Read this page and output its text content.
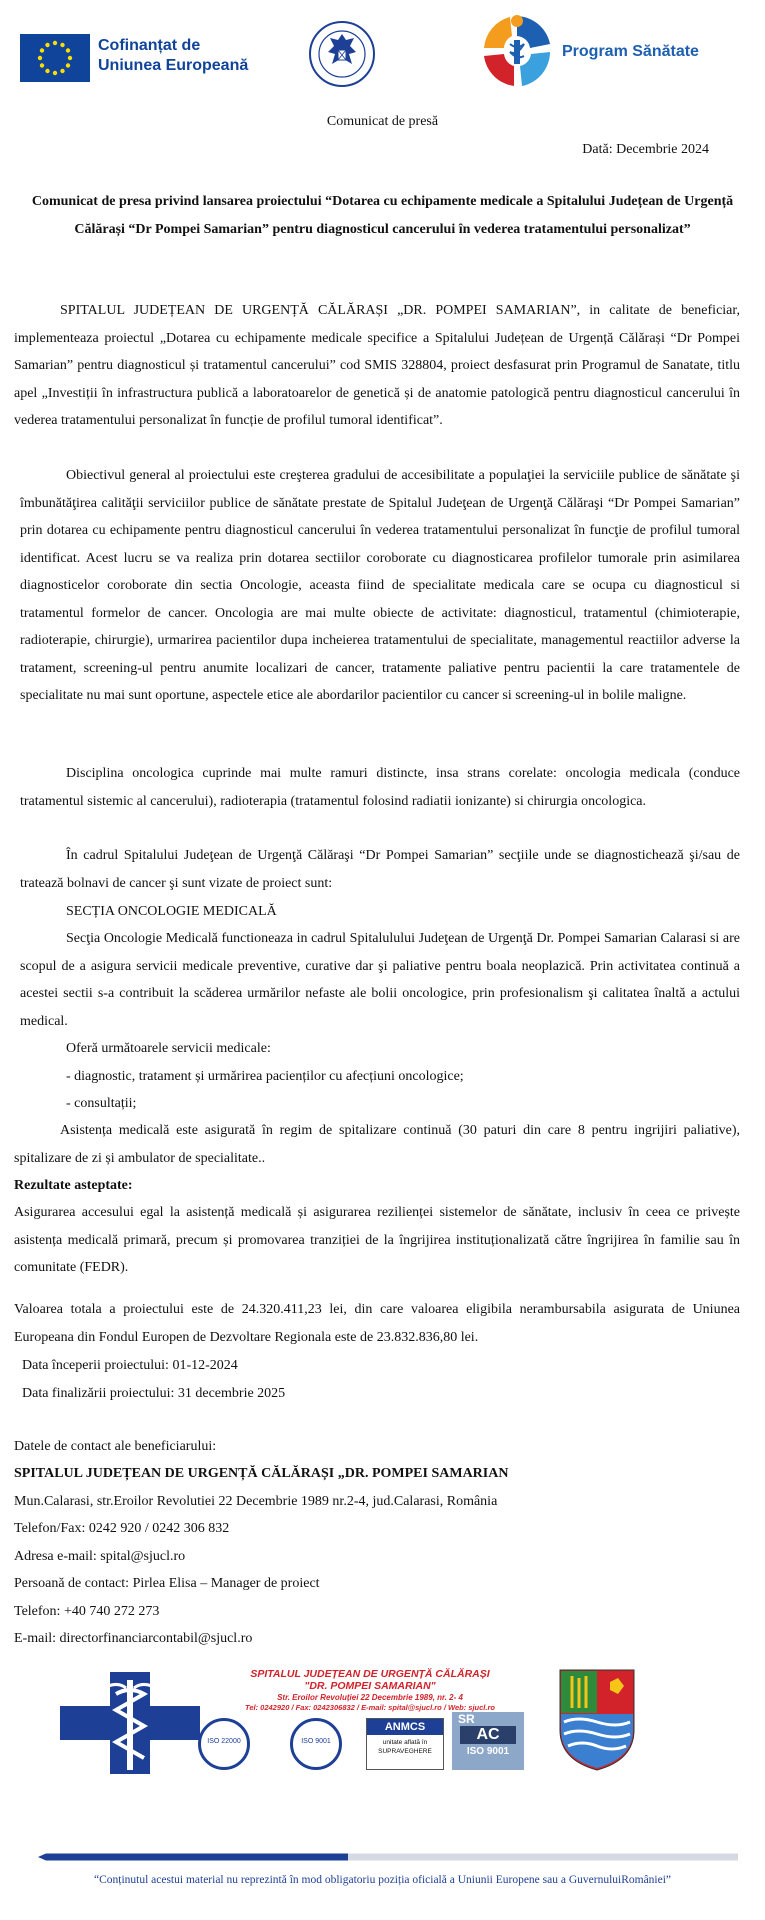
Cofinanțat de
Uniunea Europeană
Program Sănătate
Comunicat de presă
Dată: Decembrie 2024

Comunicat de presa privind lansarea proiectului “Dotarea cu echipamente medicale a Spitalului Județean de Urgență Călărași “Dr Pompei Samarian” pentru diagnosticul cancerului în vederea tratamentului personalizat”

SPITALUL JUDEȚEAN DE URGENȚĂ CĂLĂRAȘI „DR. POMPEI SAMARIAN”, in calitate de beneficiar, implementeaza proiectul „Dotarea cu echipamente medicale specifice a Spitalului Județean de Urgență Călărași “Dr Pompei Samarian” pentru diagnosticul și tratamentul cancerului” cod SMIS 328804, proiect desfasurat prin Programul de Sanatate, titlu apel „Investiții în infrastructura publică a laboratoarelor de genetică și de anatomie patologică pentru diagnosticul cancerului în vederea tratamentului personalizat în funcție de profilul tumoral identificat”.

Obiectivul general al proiectului este creşterea gradului de accesibilitate a populaţiei la serviciile publice de sănătate şi îmbunătăţirea calităţii serviciilor publice de sănătate prestate de Spitalul Judeţean de Urgenţă Călăraşi “Dr Pompei Samarian” prin dotarea cu echipamente pentru diagnosticul cancerului în vederea tratamentului personalizat în funcţie de profilul tumoral identificat. Acest lucru se va realiza prin dotarea sectiilor coroborate cu diagnosticarea profilelor tumorale prin asimilarea diagnosticelor coroborate din sectia Oncologie, aceasta fiind de specialitate medicala care se ocupa cu diagnosticul si tratamentul formelor de cancer. Oncologia are mai multe obiecte de activitate: diagnosticul, tratamentul (chimioterapie, radioterapie, chirurgie), urmarirea pacientilor dupa incheierea tratamentului de specialitate, managementul reactiilor adverse la tratament, screening-ul pentru anumite localizari de cancer, tratamente paliative pentru pacientii la care tratamentele de specialitate nu mai sunt oportune, aspectele etice ale abordarilor pacientilor cu cancer si screening-ul in bolile maligne.

Disciplina oncologica cuprinde mai multe ramuri distincte, insa strans corelate: oncologia medicala (conduce tratamentul sistemic al cancerului), radioterapia (tratamentul folosind radiatii ionizante) si chirurgia oncologica.

În cadrul Spitalului Judeţean de Urgenţă Călăraşi “Dr Pompei Samarian” secţiile unde se diagnostichează şi/sau de tratează bolnavi de cancer şi sunt vizate de proiect sunt:

SECȚIA ONCOLOGIE MEDICALĂ

Secţia Oncologie Medicală functioneaza in cadrul Spitalulului Judeţean de Urgenţă Dr. Pompei Samarian Calarasi si are scopul de a asigura servicii medicale preventive, curative dar şi paliative pentru boala neoplazică. Prin activitatea continuă a acestei sectii s-a contribuit la scăderea urmărilor nefaste ale bolii oncologice, prin profesionalism şi calitatea înaltă a actului medical.

Oferă următoarele servicii medicale:
- diagnostic, tratament și urmărirea pacienților cu afecțiuni oncologice;
- consultații;

Asistența medicală este asigurată în regim de spitalizare continuă (30 paturi din care 8 pentru ingrijiri paliative), spitalizare de zi și ambulator de specialitate..

Rezultate asteptate:

Asigurarea accesului egal la asistență medicală și asigurarea rezilienței sistemelor de sănătate, inclusiv în ceea ce privește asistența medicală primară, precum și promovarea tranziției de la îngrijirea instituționalizată către îngrijirea în familie sau în comunitate (FEDR).

Valoarea totala a proiectului este de 24.320.411,23 lei, din care valoarea eligibila nerambursabila asigurata de Uniunea Europeana din Fondul Europen de Dezvoltare Regionala este de 23.832.836,80 lei.

Data începerii proiectului: 01-12-2024
Data finalizării proiectului: 31 decembrie 2025
Datele de contact ale beneficiarului:
SPITALUL JUDEȚEAN DE URGENȚĂ CĂLĂRAȘI „DR. POMPEI SAMARIAN
Mun.Calarasi, str.Eroilor Revolutiei 22 Decembrie 1989 nr.2-4, jud.Calarasi, România
Telefon/Fax: 0242 920 / 0242 306 832
Adresa e-mail: spital@sjucl.ro
Persoană de contact: Pirlea Elisa – Manager de proiect
Telefon: +40 740 272 273
E-mail: directorfinanciarcontabil@sjucl.ro
SPITALUL JUDEȚEAN DE URGENȚĂ CĂLĂRAȘI
"DR. POMPEI SAMARIAN"
Str. Eroilor Revoluției 22 Decembrie 1989, nr. 2- 4
Tel: 0242920 / Fax: 0242306832 / E-mail: spital@sjucl.ro / Web: sjucl.ro
ISO 22000	ISO 9001
ANMCS
unitate aflată în SUPRAVEGHERE
SR
AC
ISO 9001
“Conținutul acestui material nu reprezintă în mod obligatoriu poziția oficială a Uniunii Europene sau a GuvernuluiRomâniei”
